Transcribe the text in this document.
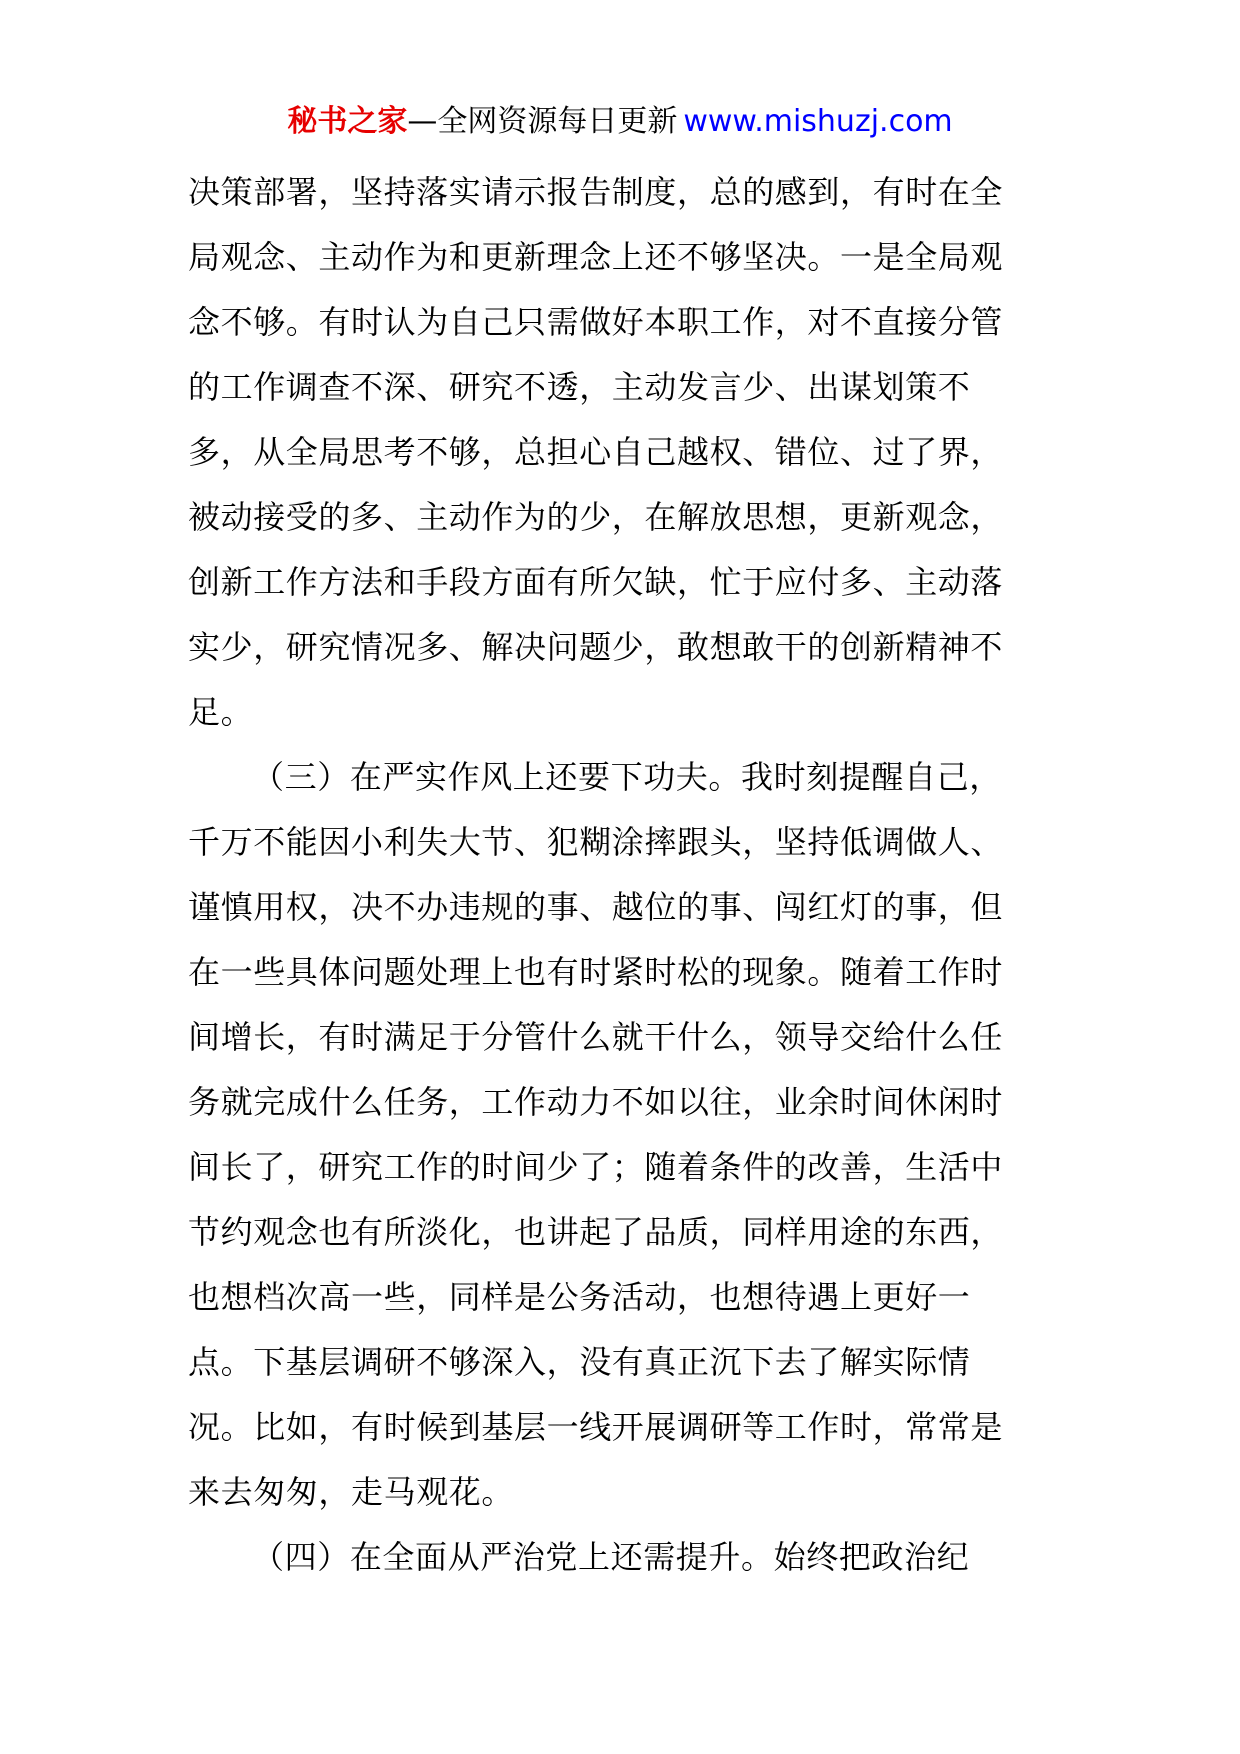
秘书之家—全网资源每日更新 www.mishuzj.com
决策部署，坚持落实请示报告制度，总的感到，有时在全
局观念、主动作为和更新理念上还不够坚决。一是全局观
念不够。有时认为自己只需做好本职工作，对不直接分管
的工作调查不深、研究不透，主动发言少、出谋划策不
多，从全局思考不够，总担心自己越权、错位、过了界，
被动接受的多、主动作为的少，在解放思想，更新观念，
创新工作方法和手段方面有所欠缺，忙于应付多、主动落
实少，研究情况多、解决问题少，敢想敢干的创新精神不
足。
（三）在严实作风上还要下功夫。我时刻提醒自己，
千万不能因小利失大节、犯糊涂摔跟头，坚持低调做人、
谨慎用权，决不办违规的事、越位的事、闯红灯的事，但
在一些具体问题处理上也有时紧时松的现象。随着工作时
间增长，有时满足于分管什么就干什么，领导交给什么任
务就完成什么任务，工作动力不如以往，业余时间休闲时
间长了，研究工作的时间少了；随着条件的改善，生活中
节约观念也有所淡化，也讲起了品质，同样用途的东西，
也想档次高一些，同样是公务活动，也想待遇上更好一
点。下基层调研不够深入，没有真正沉下去了解实际情
况。比如，有时候到基层一线开展调研等工作时，常常是
来去匆匆，走马观花。
（四）在全面从严治党上还需提升。始终把政治纪
